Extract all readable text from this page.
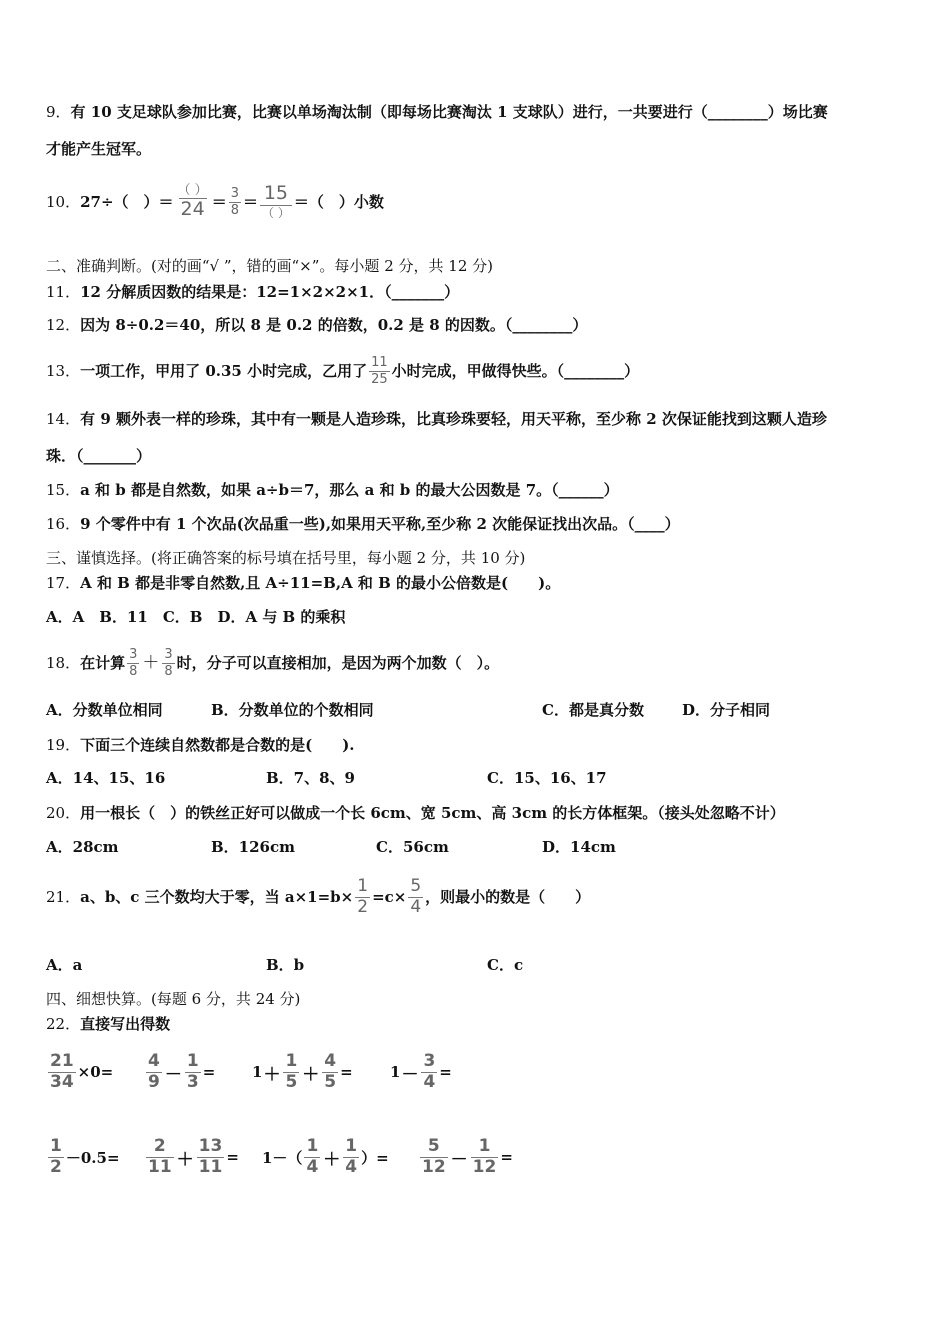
9．有 10 支足球队参加比赛，比赛以单场淘汰制（即每场比赛淘汰 1 支球队）进行，一共要进行（________）场比赛
才能产生冠军。
10． 27÷（　）＝ $\frac{( )}{24} = \frac{3}{8} = \frac{15}{( )}$ ＝（　）小数
二、准确判断。(对的画“√ ”，错的画“×”。每小题 2 分，共 12 分)
11．12 分解质因数的结果是：12=1×2×2×1．（_______）
12．因为 8÷0.2＝40，所以 8 是 0.2 的倍数，0.2 是 8 的因数。（________）
13． 一项工作，甲用了 0.35 小时完成，乙用了 $\frac{11}{25}$ 小时完成，甲做得快些。（________）
14．有 9 颗外表一样的珍珠，其中有一颗是人造珍珠，比真珍珠要轻，用天平称，至少称 2 次保证能找到这颗人造珍
珠．（_______）
15．a 和 b 都是自然数，如果 a÷b＝7，那么 a 和 b 的最大公因数是 7。（______）
16．9 个零件中有 1 个次品(次品重一些),如果用天平称,至少称 2 次能保证找出次品。（____）
三、谨慎选择。(将正确答案的标号填在括号里，每小题 2 分，共 10 分)
17．A 和 B 都是非零自然数,且 A÷11=B,A 和 B 的最小公倍数是(　　)。
A．A　B．11　C．B　D．A 与 B 的乘积
18． 在计算 $\frac{3}{8} + \frac{3}{8}$ 时，分子可以直接相加，是因为两个加数（　）。
A．分数单位相同	B．分数单位的个数相同	C．都是真分数	D．分子相同
19．下面三个连续自然数都是合数的是(　　).
A．14、15、16	B．7、8、9	C．15、16、17
20．用一根长（　）的铁丝正好可以做成一个长 6cm、宽 5cm、高 3cm 的长方体框架。（接头处忽略不计）
A．28cm	B．126cm	C．56cm	D．14cm
21． a、b、c 三个数均大于零，当 $a\times 1=b\times \frac{1}{2} =c\times \frac{5}{4}$ ，则最小的数是（　　）
A．a	B．b	C．c
四、细想快算。(每题 6 分，共 24 分)
22．直接写出得数
$\frac{21}{34} \times 0= \frac{4}{9} - \frac{1}{3} = 1 + \frac{1}{5} + \frac{4}{5} = 1 - \frac{3}{4}$ =
$\frac{1}{2} -0.5= \frac{2}{11} + \frac{13}{11} = 1-( \frac{1}{4} + \frac{1}{4}$ ）= $\frac{5}{12} - \frac{1}{12}$ =
